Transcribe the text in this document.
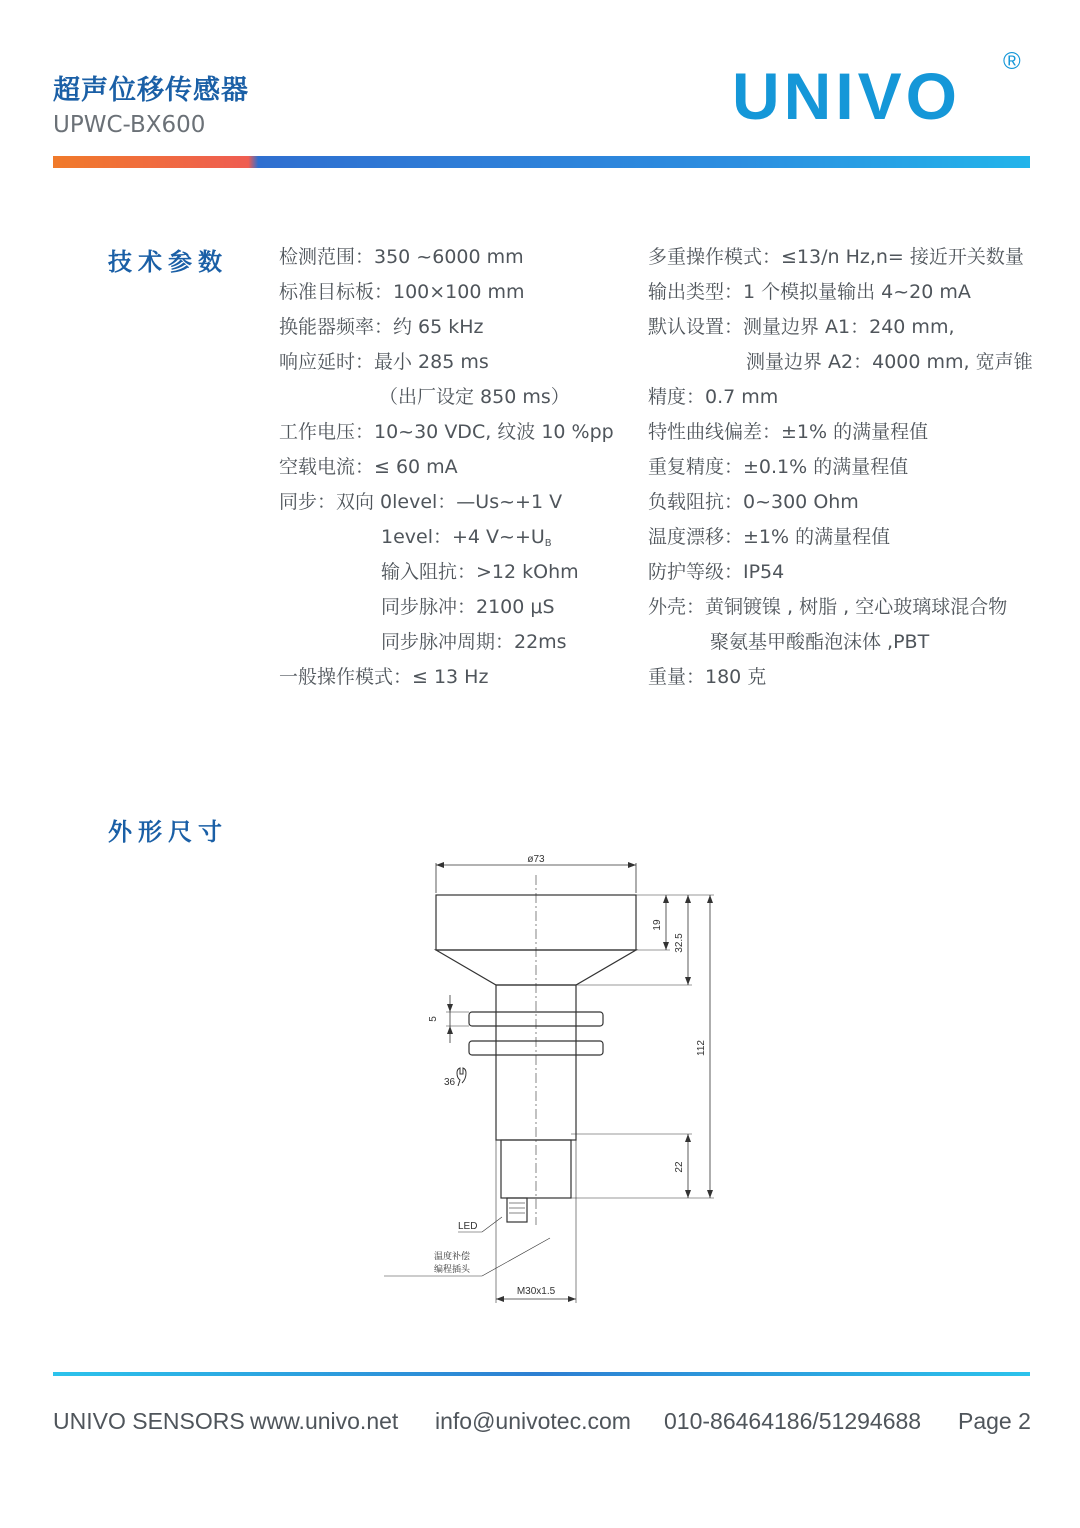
超声位移传感器
UPWC-BX600	UNIVO ®
技术参数	检测范围：350 ~6000 mm
标准目标板：100×100 mm
换能器频率：约 65 kHz
响应延时：最小 285 ms
（出厂设定 850 ms）
工作电压：10~30 VDC, 纹波 10 %pp
空载电流：≤ 60 mA
同步：双向 0level：—Us~+1 V
1evel：+4 $V\sim+U_B$
输入阻抗：>12 kOhm
同步脉冲：2100 μS
同步脉冲周期：22ms
一般操作模式：≤ 13 Hz
多重操作模式：≤13/n Hz,n= 接近开关数量
输出类型：1 个模拟量输出 4~20 mA
默认设置：测量边界 A1：240 mm,
测量边界 A2：4000 mm, 宽声锥
精度：0.7 mm
特性曲线偏差：±1% 的满量程值
重复精度：±0.1% 的满量程值
负载阻抗：0~300 Ohm
温度漂移：±1% 的满量程值
防护等级：IP54
外壳：黄铜镀镍 , 树脂 , 空心玻璃球混合物
聚氨基甲酸酯泡沫体 ,PBT
重量：180 克
外形尺寸
ø73
19
32.5
112
22
5
36
LED
温度补偿
编程插头
M30x1.5
UNIVO SENSORS www.univo.net info@univotec.com 010-86464186/51294688 Page 2
